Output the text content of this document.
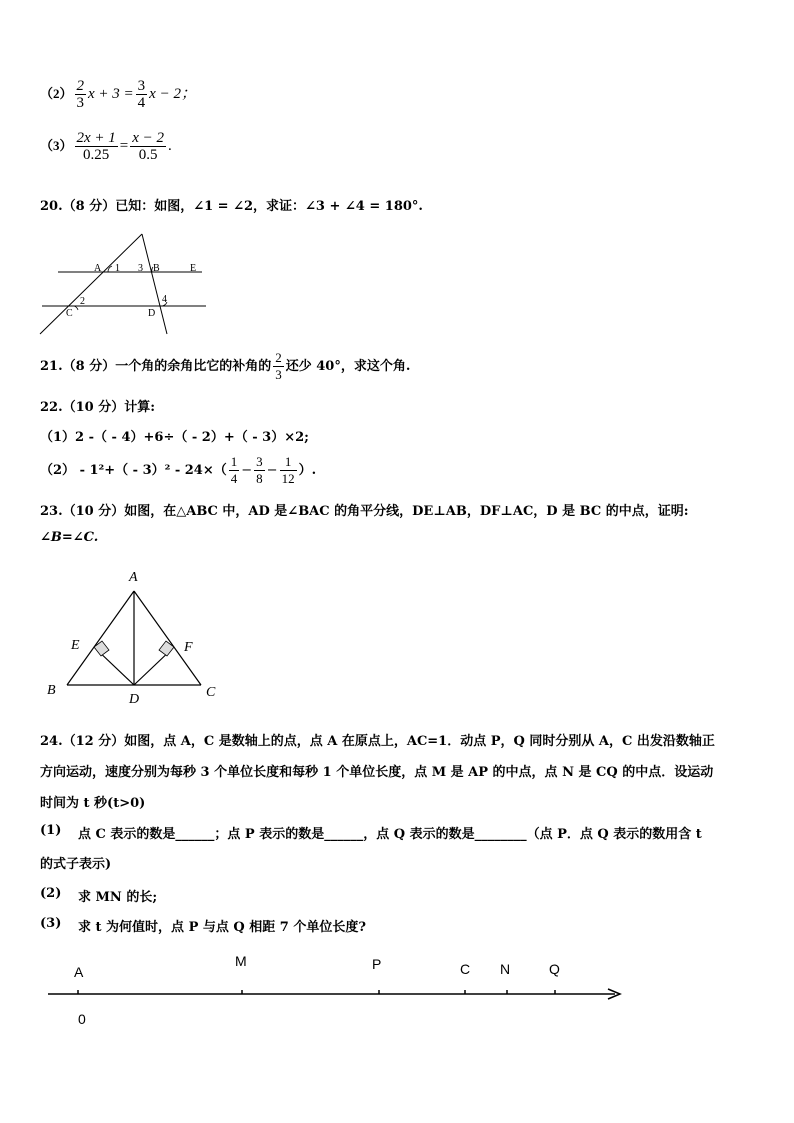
$(2) \frac{2}{3}$ $x + 3 = \frac{3}{4}$ x − 2；
$(3) \frac{2x + 1}{0.25} = \frac{x - 2}{0.5}$ .
20.（8 分）已知：如图，∠1 = ∠2，求证：∠3 + ∠4 = 180°.
A 1 3 B	E
2
C	D
4
21.（8 分）一个角的余角比它的补角的 $\frac{2}{3}$ 还少 40°，求这个角.
22.（10 分）计算:
（1）2 -（ - 4）+6÷（ - 2）+（ - 3）×2;
$(2) - 1^2+( - 3)^2 - 24\times( \frac{1}{4} - \frac{3}{8} - \frac{1}{12}$ ）.
23.（10 分）如图，在△ABC 中，AD 是∠BAC 的角平分线，DE⊥AB，DF⊥AC，D 是 BC 的中点，证明:
∠B=∠C.
A
E	F
B
D	C
24.（12 分）如图，点 A，C 是数轴上的点，点 A 在原点上，AC=1．动点 P，Q 同时分别从 A，C 出发沿数轴正
方向运动，速度分别为每秒 3 个单位长度和每秒 1 个单位长度，点 M 是 AP 的中点，点 N 是 CQ 的中点．设运动
时间为 t 秒(t>0)
(1) 点 C 表示的数是______；点 P 表示的数是______，点 Q 表示的数是________（点 P．点 Q 表示的数用含 t
的式子表示)
(2) 求 MN 的长;
(3) 求 t 为何值时，点 P 与点 Q 相距 7 个单位长度?
A
M	P	C N	Q
0
